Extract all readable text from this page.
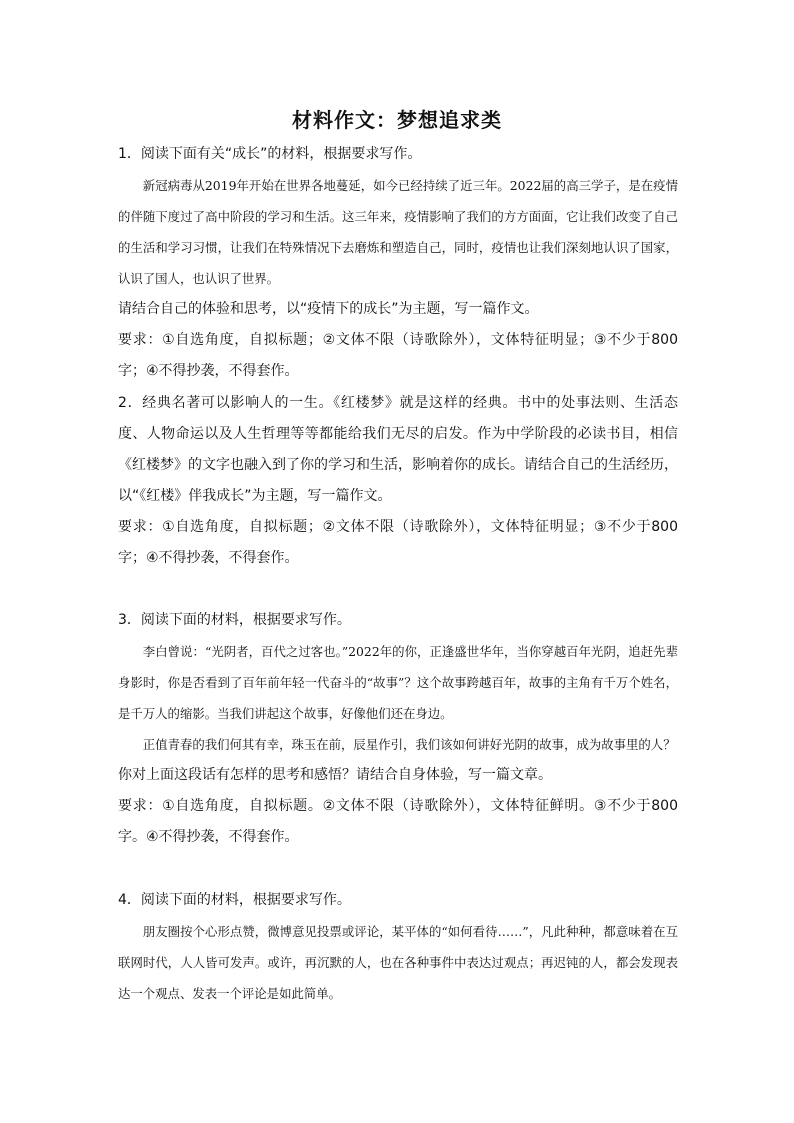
材料作文：梦想追求类

1．阅读下面有关“成长”的材料，根据要求写作。

新冠病毒从2019年开始在世界各地蔓延，如今已经持续了近三年。2022届的高三学子，是在疫情的伴随下度过了高中阶段的学习和生活。这三年来，疫情影响了我们的方方面面，它让我们改变了自己的生活和学习习惯，让我们在特殊情况下去磨炼和塑造自己，同时，疫情也让我们深刻地认识了国家，认识了国人，也认识了世界。

请结合自己的体验和思考，以“疫情下的成长”为主题，写一篇作文。

要求：①自选角度，自拟标题；②文体不限（诗歌除外），文体特征明显；③不少于800字；④不得抄袭，不得套作。

2．经典名著可以影响人的一生。《红楼梦》就是这样的经典。书中的处事法则、生活态度、人物命运以及人生哲理等等都能给我们无尽的启发。作为中学阶段的必读书目，相信《红楼梦》的文字也融入到了你的学习和生活，影响着你的成长。请结合自己的生活经历，以“《红楼》伴我成长”为主题，写一篇作文。

要求：①自选角度，自拟标题；②文体不限（诗歌除外），文体特征明显；③不少于800字；④不得抄袭，不得套作。

3．阅读下面的材料，根据要求写作。

李白曾说：“光阴者，百代之过客也。”2022年的你，正逢盛世华年，当你穿越百年光阴，追赶先辈身影时，你是否看到了百年前年轻一代奋斗的“故事”？这个故事跨越百年，故事的主角有千万个姓名，是千万人的缩影。当我们讲起这个故事，好像他们还在身边。

正值青春的我们何其有幸，珠玉在前，辰星作引，我们该如何讲好光阴的故事，成为故事里的人？

你对上面这段话有怎样的思考和感悟？请结合自身体验，写一篇文章。

要求：①自选角度，自拟标题。②文体不限（诗歌除外），文体特征鲜明。③不少于800字。④不得抄袭，不得套作。

4．阅读下面的材料，根据要求写作。

朋友圈按个心形点赞，微博意见投票或评论，某平体的“如何看待……”，凡此种种，都意味着在互联网时代，人人皆可发声。或许，再沉默的人，也在各种事件中表达过观点；再迟钝的人，都会发现表达一个观点、发表一个评论是如此简单。
